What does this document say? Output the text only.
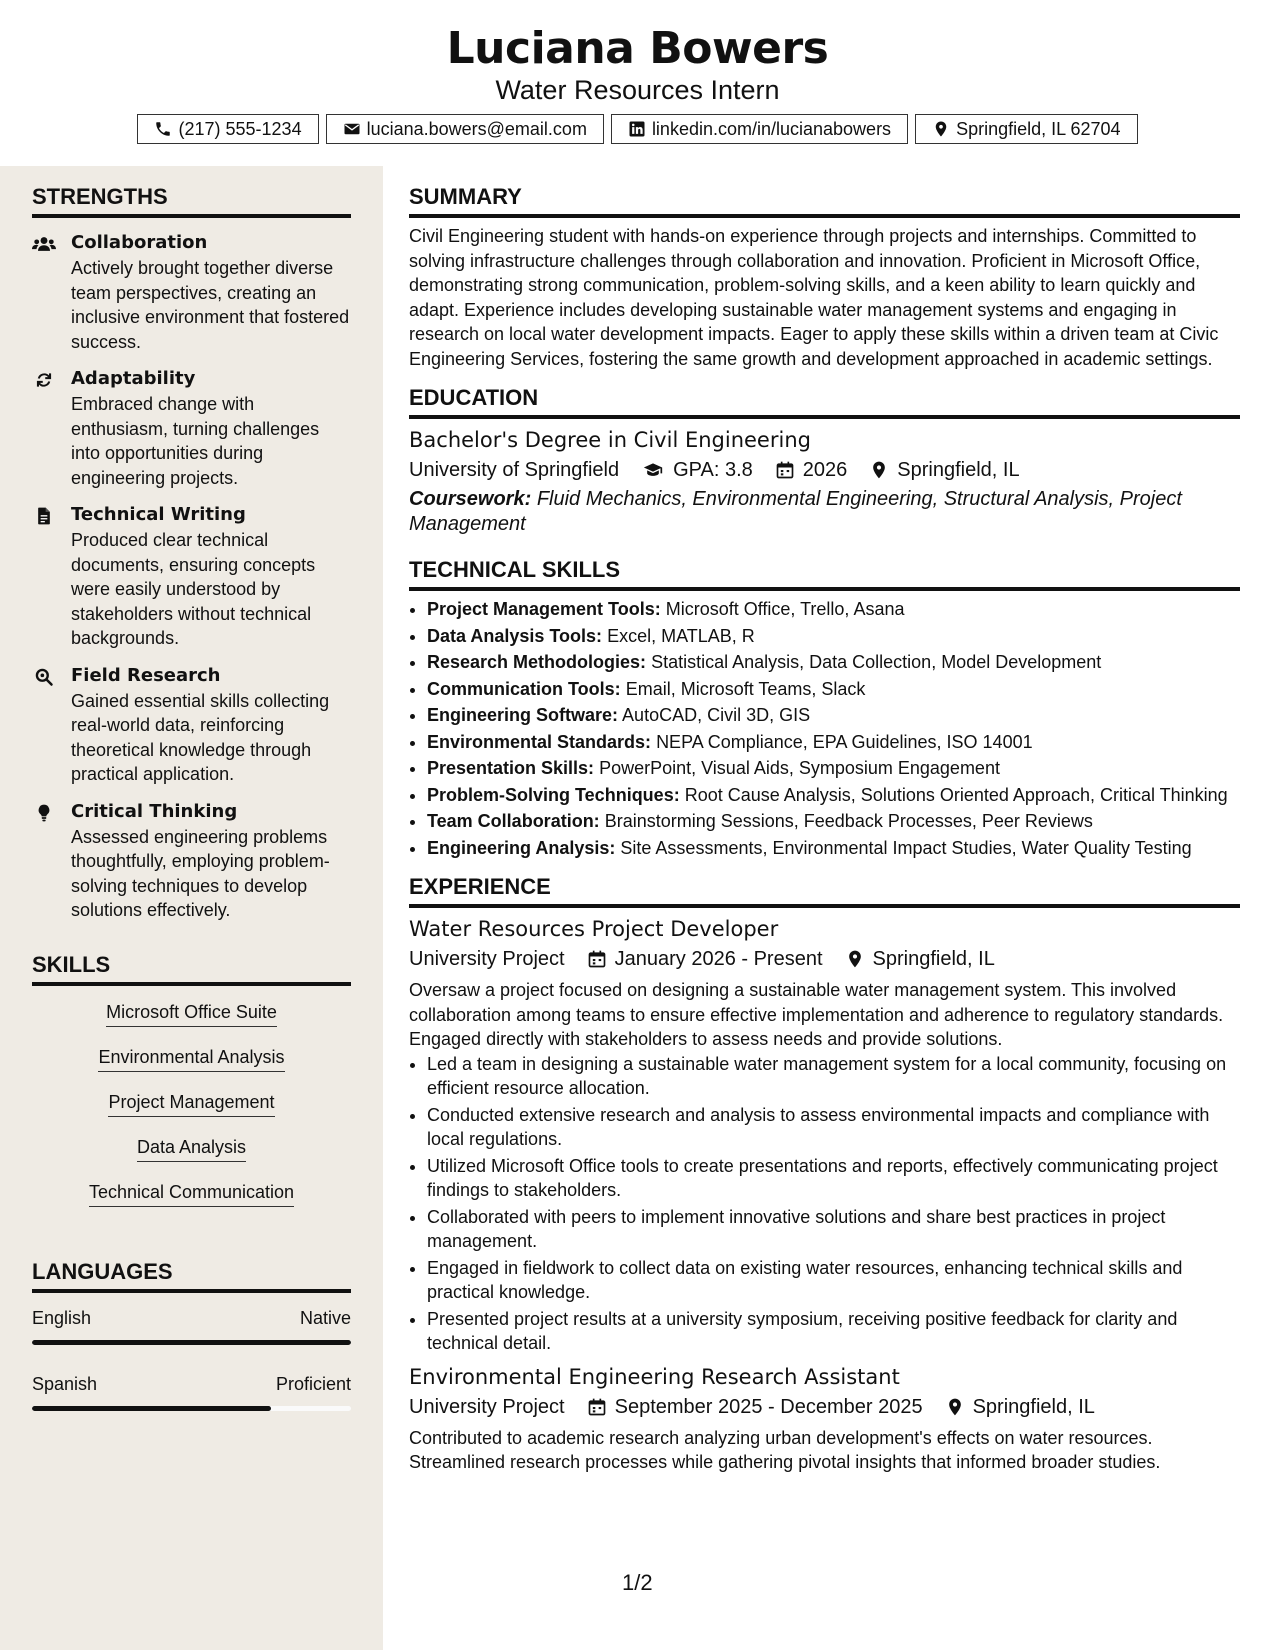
Luciana Bowers
Water Resources Intern
(217) 555-1234	luciana.bowers@email.com	linkedin.com/in/lucianabowers	Springfield, IL 62704
STRENGTHS
Collaboration
Actively brought together diverse team perspectives, creating an inclusive environment that fostered success.
Adaptability
Embraced change with enthusiasm, turning challenges into opportunities during engineering projects.
Technical Writing
Produced clear technical documents, ensuring concepts were easily understood by stakeholders without technical backgrounds.
Field Research
Gained essential skills collecting real-world data, reinforcing theoretical knowledge through practical application.
Critical Thinking
Assessed engineering problems thoughtfully, employing problem-solving techniques to develop solutions effectively.
SKILLS
Microsoft Office Suite
Environmental Analysis
Project Management
Data Analysis
Technical Communication
LANGUAGES
English	Native
Spanish	Proficient
SUMMARY
Civil Engineering student with hands-on experience through projects and internships. Committed to solving infrastructure challenges through collaboration and innovation. Proficient in Microsoft Office, demonstrating strong communication, problem-solving skills, and a keen ability to learn quickly and adapt. Experience includes developing sustainable water management systems and engaging in research on local water development impacts. Eager to apply these skills within a driven team at Civic Engineering Services, fostering the same growth and development approached in academic settings.
EDUCATION
Bachelor's Degree in Civil Engineering
University of Springfield	GPA: 3.8	2026	Springfield, IL
Coursework: Fluid Mechanics, Environmental Engineering, Structural Analysis, Project Management
TECHNICAL SKILLS
• Project Management Tools: Microsoft Office, Trello, Asana
• Data Analysis Tools: Excel, MATLAB, R
• Research Methodologies: Statistical Analysis, Data Collection, Model Development
• Communication Tools: Email, Microsoft Teams, Slack
• Engineering Software: AutoCAD, Civil 3D, GIS
• Environmental Standards: NEPA Compliance, EPA Guidelines, ISO 14001
• Presentation Skills: PowerPoint, Visual Aids, Symposium Engagement
• Problem-Solving Techniques: Root Cause Analysis, Solutions Oriented Approach, Critical Thinking
• Team Collaboration: Brainstorming Sessions, Feedback Processes, Peer Reviews
• Engineering Analysis: Site Assessments, Environmental Impact Studies, Water Quality Testing
EXPERIENCE
Water Resources Project Developer
University Project	January 2026 - Present	Springfield, IL
Oversaw a project focused on designing a sustainable water management system. This involved collaboration among teams to ensure effective implementation and adherence to regulatory standards. Engaged directly with stakeholders to assess needs and provide solutions.
• Led a team in designing a sustainable water management system for a local community, focusing on efficient resource allocation.
• Conducted extensive research and analysis to assess environmental impacts and compliance with local regulations.
• Utilized Microsoft Office tools to create presentations and reports, effectively communicating project findings to stakeholders.
• Collaborated with peers to implement innovative solutions and share best practices in project management.
• Engaged in fieldwork to collect data on existing water resources, enhancing technical skills and practical knowledge.
• Presented project results at a university symposium, receiving positive feedback for clarity and technical detail.
Environmental Engineering Research Assistant
University Project	September 2025 - December 2025	Springfield, IL
Contributed to academic research analyzing urban development's effects on water resources. Streamlined research processes while gathering pivotal insights that informed broader studies.
1/2
